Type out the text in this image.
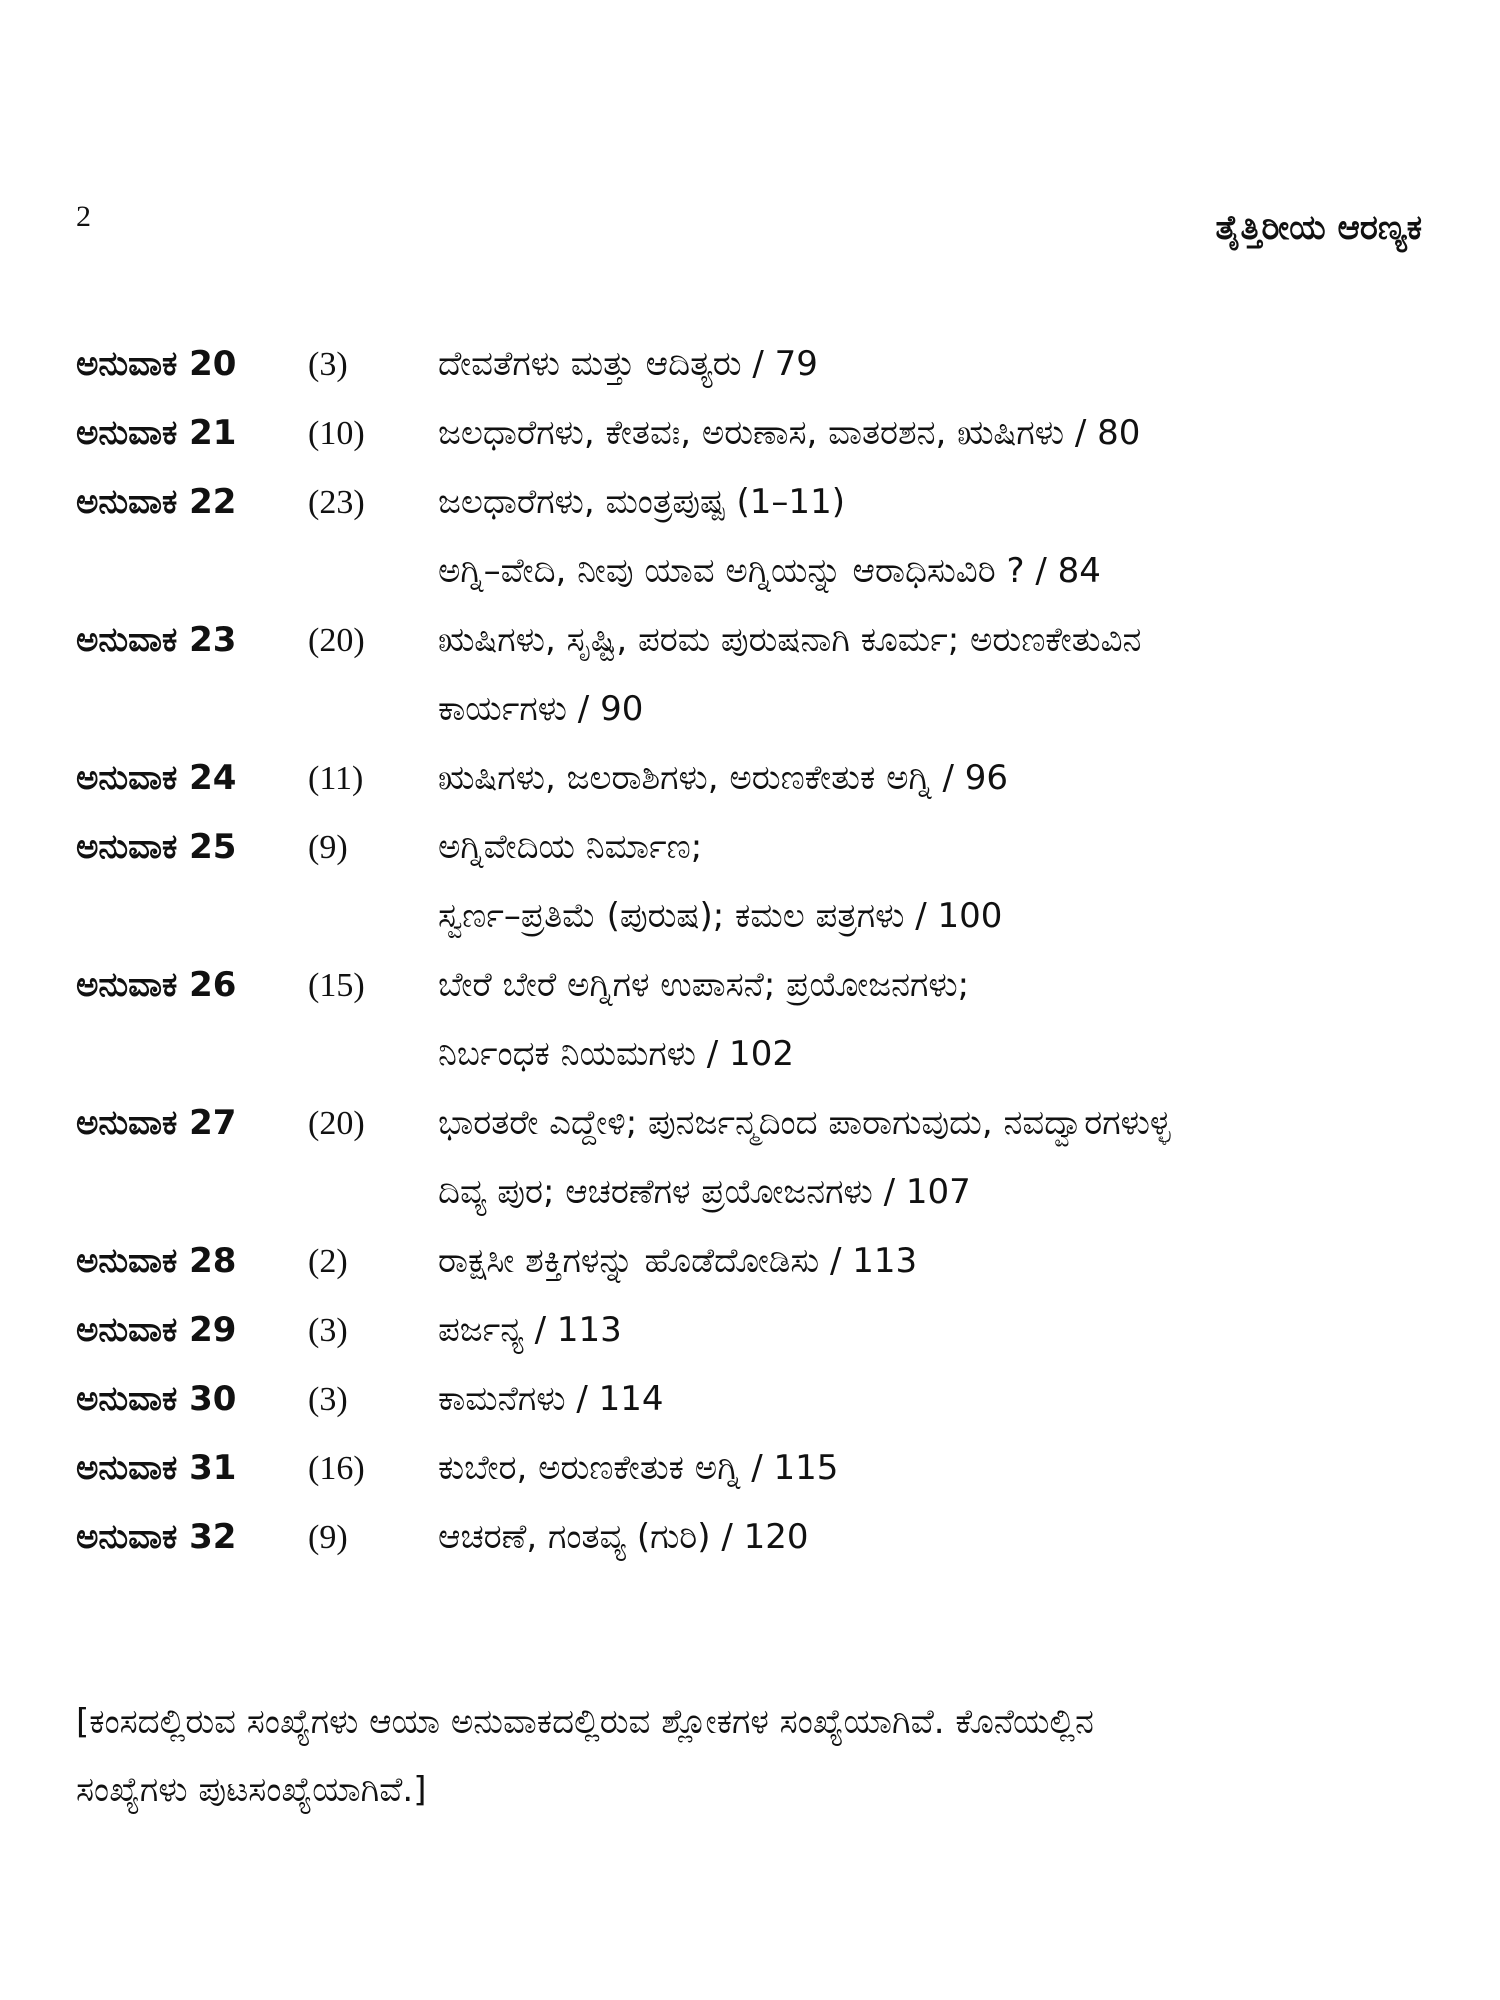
2	ತೈತ್ತಿರೀಯ ಆರಣ್ಯಕ
ಅನುವಾಕ 20	(3)	ದೇವತೆಗಳು ಮತ್ತು ಆದಿತ್ಯರು / 79
ಅನುವಾಕ 21	(10)	ಜಲಧಾರೆಗಳು, ಕೇತವಃ, ಅರುಣಾಸ, ವಾತರಶನ, ಋಷಿಗಳು / 80
ಅನುವಾಕ 22	(23)	ಜಲಧಾರೆಗಳು, ಮಂತ್ರಪುಷ್ಪ (1–11)
ಅಗ್ನಿ–ವೇದಿ, ನೀವು ಯಾವ ಅಗ್ನಿಯನ್ನು ಆರಾಧಿಸುವಿರಿ ? / 84
ಅನುವಾಕ 23	(20)	ಋಷಿಗಳು, ಸೃಷ್ಟಿ, ಪರಮ ಪುರುಷನಾಗಿ ಕೂರ್ಮ; ಅರುಣಕೇತುವಿನ
ಕಾರ್ಯಗಳು / 90
ಅನುವಾಕ 24	(11)	ಋಷಿಗಳು, ಜಲರಾಶಿಗಳು, ಅರುಣಕೇತುಕ ಅಗ್ನಿ / 96
ಅನುವಾಕ 25	(9)	ಅಗ್ನಿವೇದಿಯ ನಿರ್ಮಾಣ;
ಸ್ವರ್ಣ–ಪ್ರತಿಮೆ (ಪುರುಷ); ಕಮಲ ಪತ್ರಗಳು / 100
ಅನುವಾಕ 26	(15)	ಬೇರೆ ಬೇರೆ ಅಗ್ನಿಗಳ ಉಪಾಸನೆ; ಪ್ರಯೋಜನಗಳು;
ನಿರ್ಬಂಧಕ ನಿಯಮಗಳು / 102
ಅನುವಾಕ 27	(20)	ಭಾರತರೇ ಎದ್ದೇಳಿ; ಪುನರ್ಜನ್ಮದಿಂದ ಪಾರಾಗುವುದು, ನವದ್ವಾರಗಳುಳ್ಳ
ದಿವ್ಯ ಪುರ; ಆಚರಣೆಗಳ ಪ್ರಯೋಜನಗಳು / 107
ಅನುವಾಕ 28	(2)	ರಾಕ್ಷಸೀ ಶಕ್ತಿಗಳನ್ನು ಹೊಡೆದೋಡಿಸು / 113
ಅನುವಾಕ 29	(3)	ಪರ್ಜನ್ಯ / 113
ಅನುವಾಕ 30	(3)	ಕಾಮನೆಗಳು / 114
ಅನುವಾಕ 31	(16)	ಕುಬೇರ, ಅರುಣಕೇತುಕ ಅಗ್ನಿ / 115
ಅನುವಾಕ 32	(9)	ಆಚರಣೆ, ಗಂತವ್ಯ (ಗುರಿ) / 120
[ಕಂಸದಲ್ಲಿರುವ ಸಂಖ್ಯೆಗಳು ಆಯಾ ಅನುವಾಕದಲ್ಲಿರುವ ಶ್ಲೋಕಗಳ ಸಂಖ್ಯೆಯಾಗಿವೆ. ಕೊನೆಯಲ್ಲಿನ
ಸಂಖ್ಯೆಗಳು ಪುಟಸಂಖ್ಯೆಯಾಗಿವೆ.]
